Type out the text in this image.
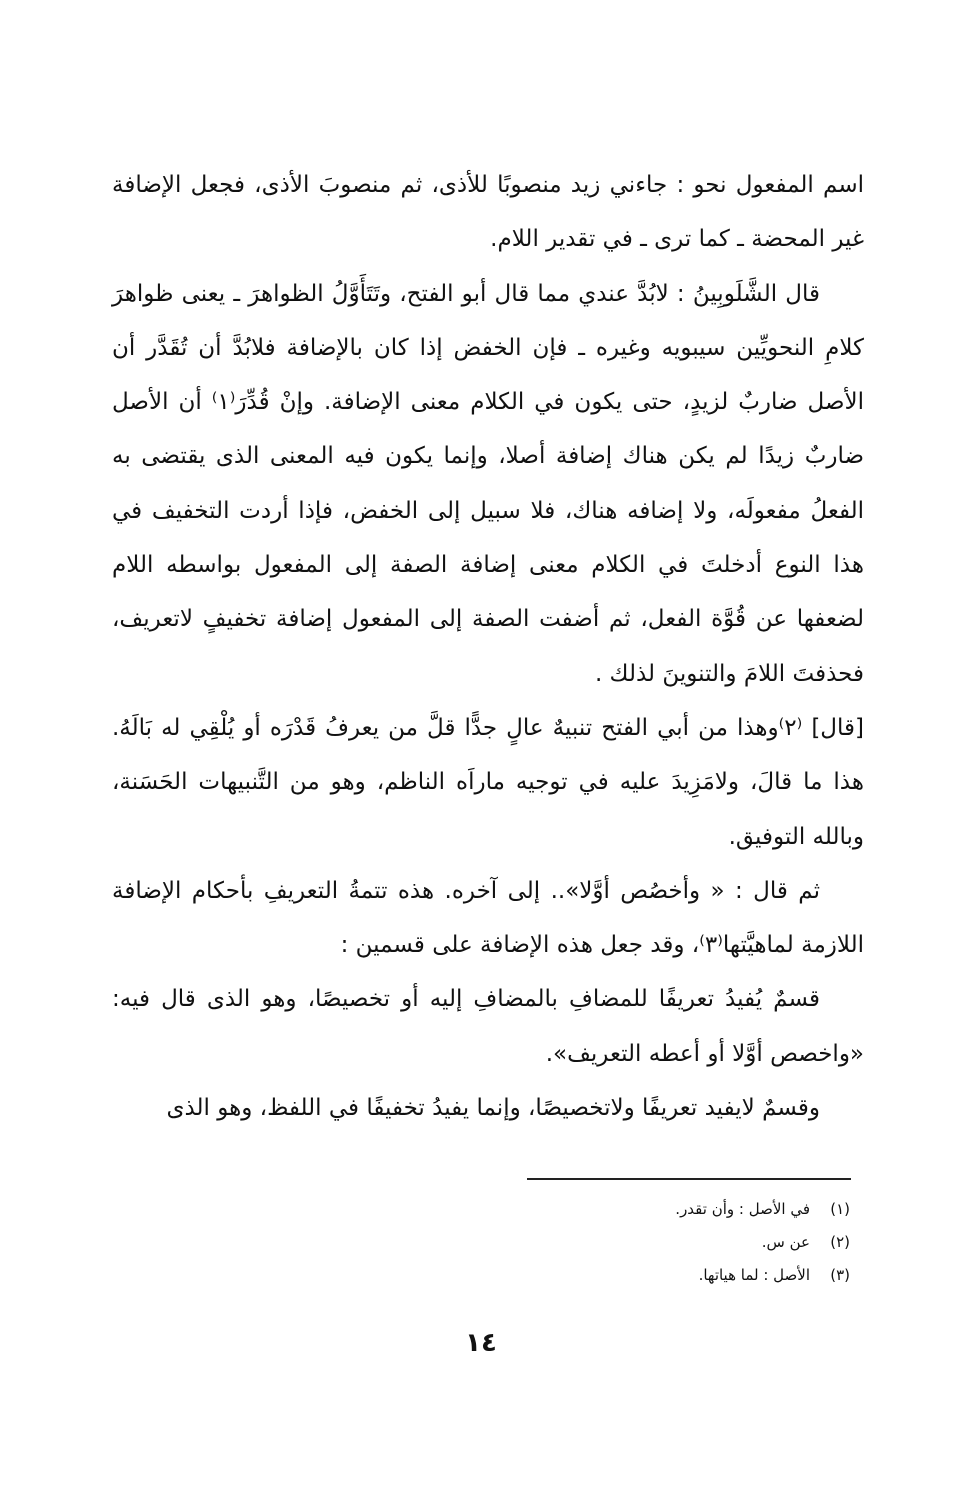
اسم المفعول نحو : جاءني زيد منصوبًا للأذى، ثم منصوبَ الأذى، فجعل الإضافة غير المحضة ـ كما ترى ـ في تقدير اللام.

قال الشَّلَوبِينُ : لابُدَّ عندي مما قال أبو الفتح، وتَتَأَوَّلُ الظواهرَ ـ يعنى ظواهرَ كلامِ النحويِّين سيبويه وغيره ـ فإن الخفض إذا كان بالإضافة فلابُدَّ أن تُقَدَّر أن الأصل ضاربٌ لزيدٍ، حتى يكون في الكلام معنى الإضافة. وإنْ قُدِّرَ⁽١⁾ أن الأصل ضاربٌ زيدًا لم يكن هناك إضافة أصلا، وإنما يكون فيه المعنى الذى يقتضى به الفعلُ مفعولَه، ولا إضافه هناك، فلا سبيل إلى الخفض، فإذا أردت التخفيف في هذا النوع أدخلتَ في الكلام معنى إضافة الصفة إلى المفعول بواسطه اللام لضعفها عن قُوَّة الفعل، ثم أضفت الصفة إلى المفعول إضافة تخفيفٍ لاتعريف، فحذفتَ اللامَ والتنوينَ لذلك .

[قال] ⁽٢⁾وهذا من أبي الفتح تنبيهٌ عالٍ جدًّا قلَّ من يعرفُ قَدْرَه أو يُلْقِي له بَالَهُ. هذا ما قالَ، ولامَزِيدَ عليه في توجيه ماراَه الناظم، وهو من التَّنبيهات الحَسَنة، وبالله التوفيق.

ثم قال : « وأخصُص أوَّلا».. إلى آخره. هذه تتمةُ التعريفِ بأحكام الإضافة اللازمة لماهيَّتها⁽٣⁾، وقد جعل هذه الإضافة على قسمين :

قسمٌ يُفيدُ تعريفًا للمضافِ بالمضافِ إليه أو تخصيصًا، وهو الذى قال فيه: «واخصص أوَّلا أو أعطه التعريف».

وقسمٌ لايفيد تعريفًا ولاتخصيصًا، وإنما يفيدُ تخفيفًا في اللفظ، وهو الذى

(١)
في الأصل : وأن تقدر.
(٢)
عن س.
(٣)
الأصل : لما هياتها.
١٤
